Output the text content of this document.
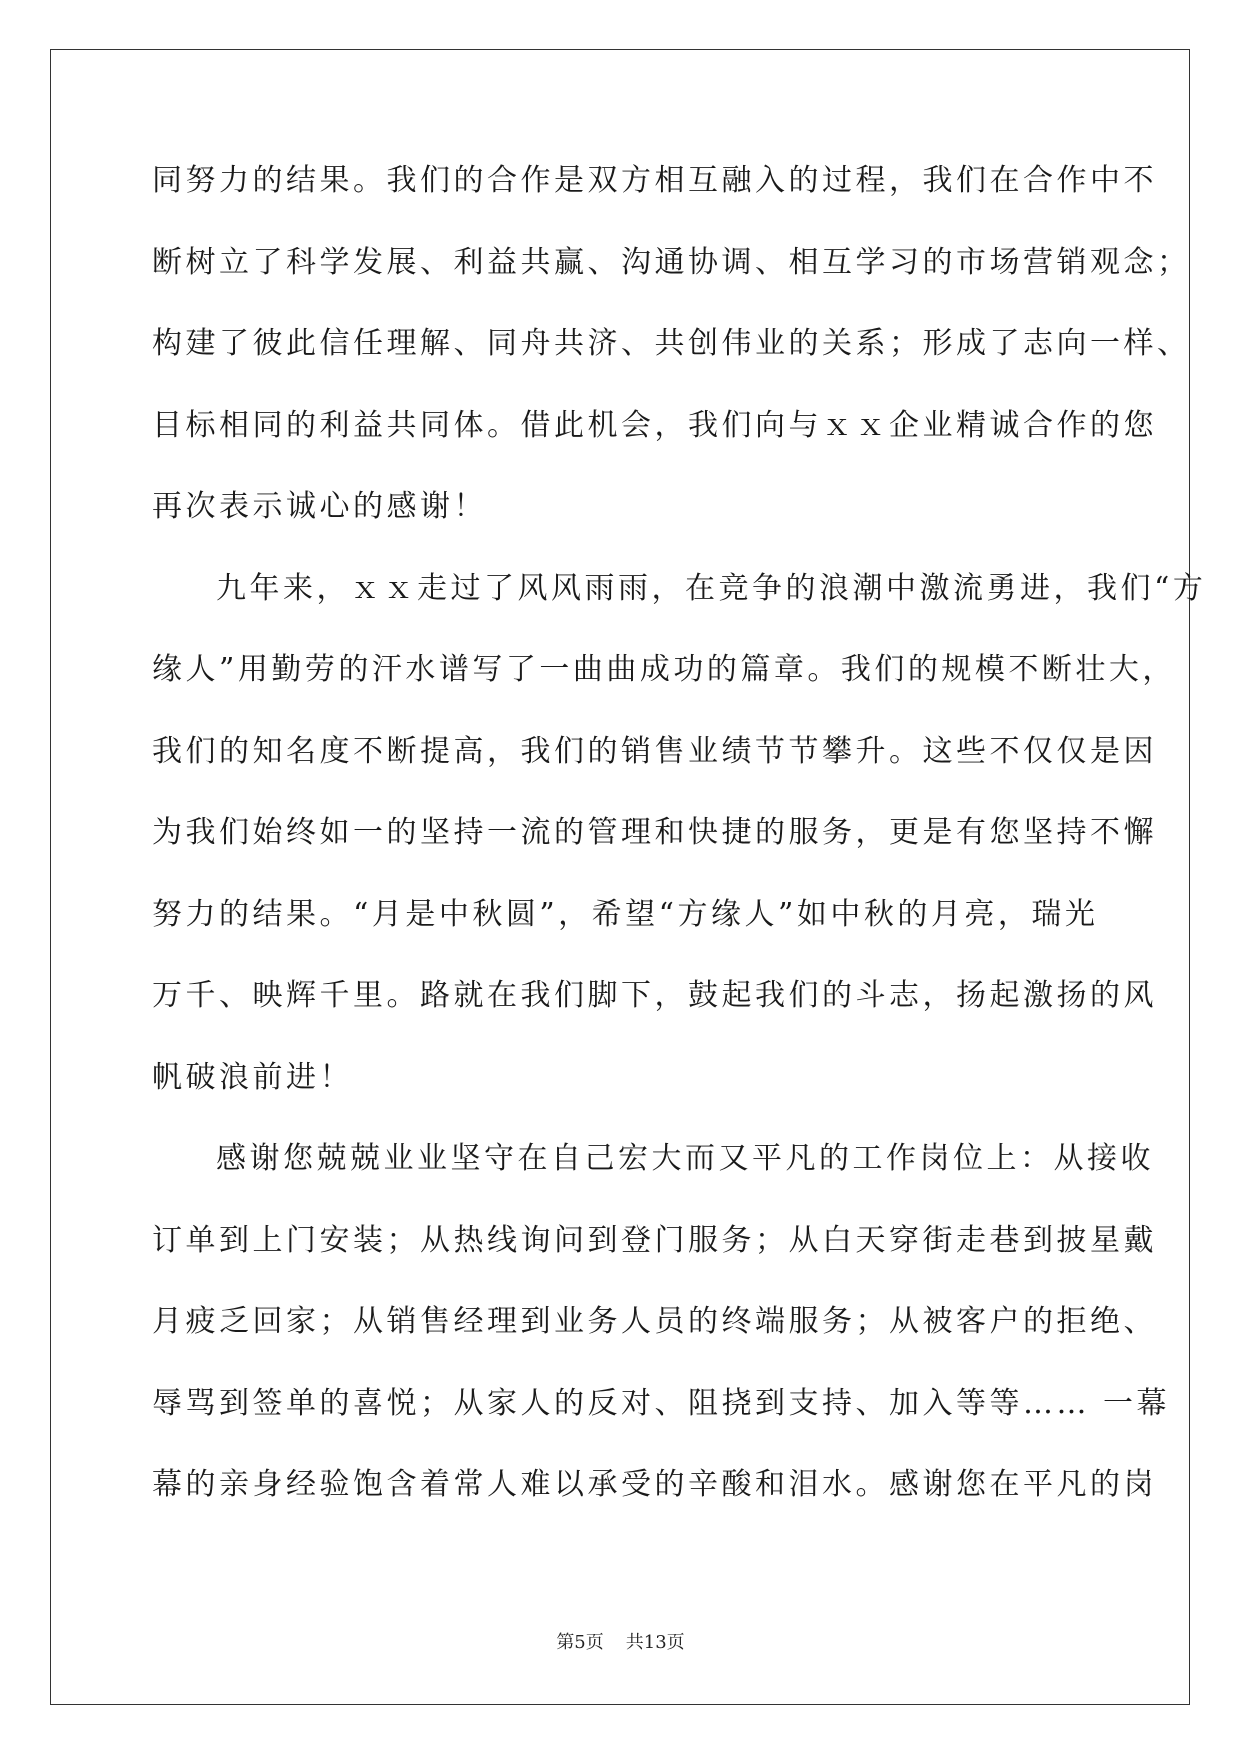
同努力的结果。我们的合作是双方相互融入的过程，我们在合作中不
断树立了科学发展、利益共赢、沟通协调、相互学习的市场营销观念；
构建了彼此信任理解、同舟共济、共创伟业的关系；形成了志向一样、
目标相同的利益共同体。借此机会，我们向与ｘｘ企业精诚合作的您
再次表示诚心的感谢！
九年来，ｘｘ走过了风风雨雨，在竞争的浪潮中激流勇进，我们“方
缘人”用勤劳的汗水谱写了一曲曲成功的篇章。我们的规模不断壮大，
我们的知名度不断提高，我们的销售业绩节节攀升。这些不仅仅是因
为我们始终如一的坚持一流的管理和快捷的服务，更是有您坚持不懈
努力的结果。“月是中秋圆”，希望“方缘人”如中秋的月亮，瑞光
万千、映辉千里。路就在我们脚下，鼓起我们的斗志，扬起激扬的风
帆破浪前进！
感谢您兢兢业业坚守在自己宏大而又平凡的工作岗位上：从接收
订单到上门安装；从热线询问到登门服务；从白天穿街走巷到披星戴
月疲乏回家；从销售经理到业务人员的终端服务；从被客户的拒绝、
辱骂到签单的喜悦；从家人的反对、阻挠到支持、加入等等…… 一幕
幕的亲身经验饱含着常人难以承受的辛酸和泪水。感谢您在平凡的岗
第5页 共13页
